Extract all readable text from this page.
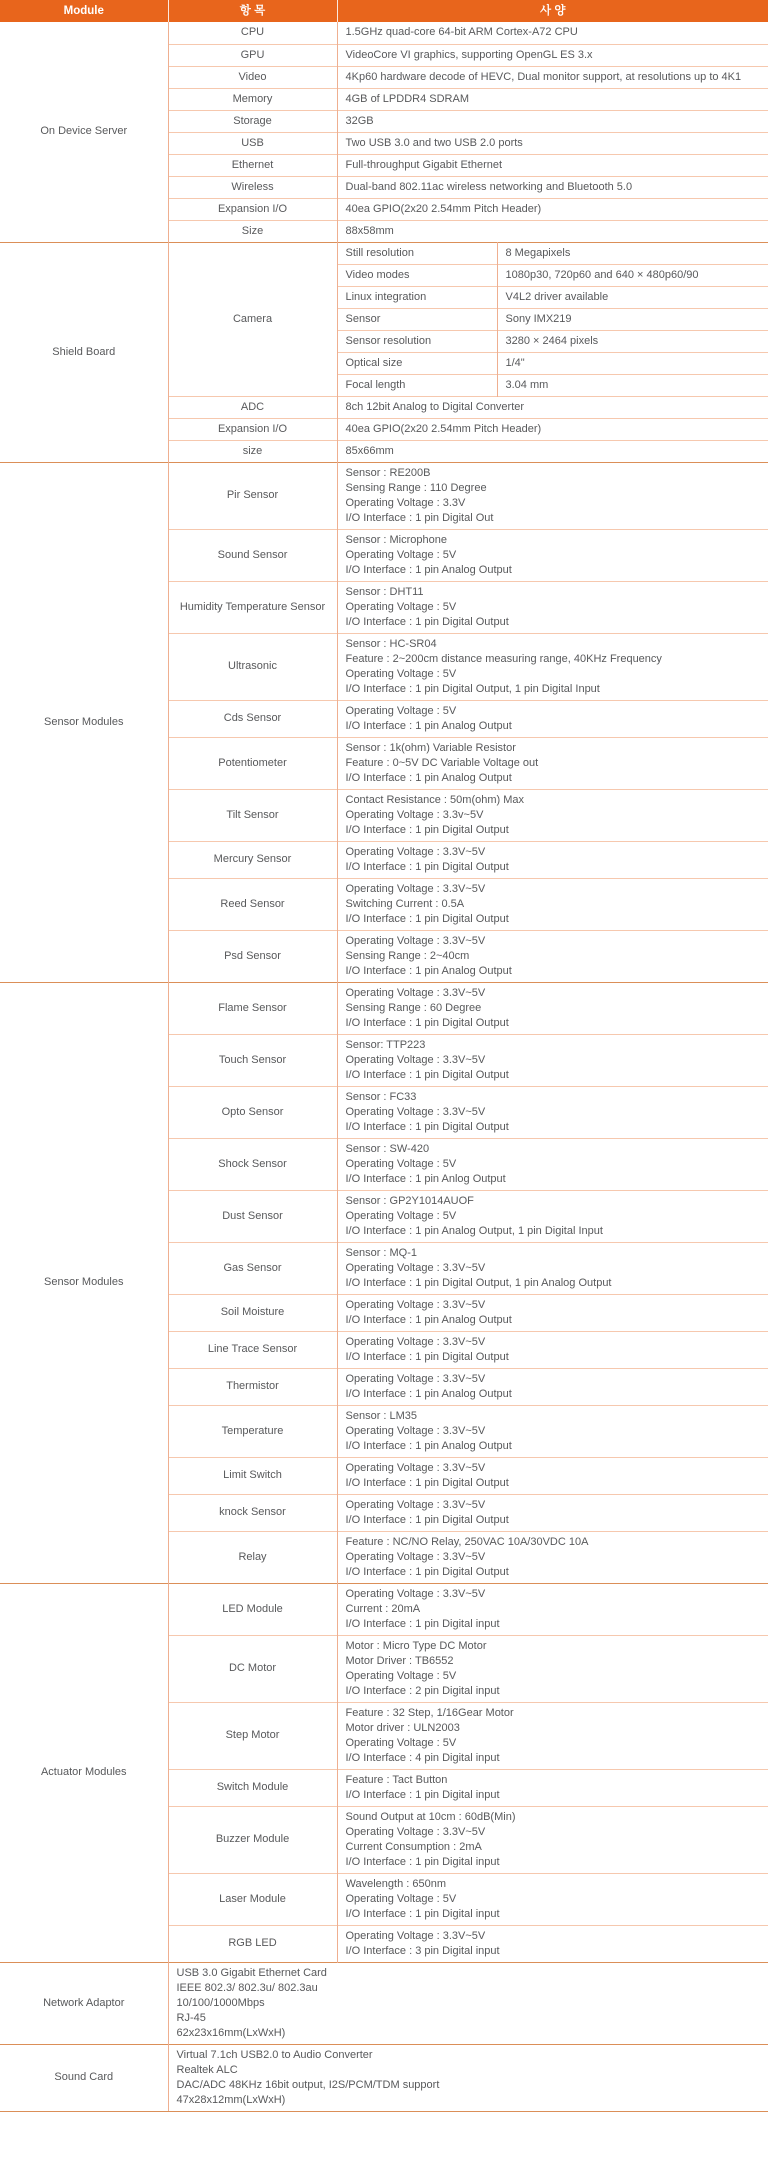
Module	항 목	사 양	
On Device Server	CPU	1.5GHz quad-core 64-bit ARM Cortex-A72 CPU	

	GPU	VideoCore VI graphics, supporting OpenGL ES 3.x	

	Video	4Kp60 hardware decode of HEVC, Dual monitor support, at resolutions up to 4K1	

	Memory	4GB of LPDDR4 SDRAM	

	Storage	32GB	

	USB	Two USB 3.0 and two USB 2.0 ports	

	Ethernet	Full-throughput Gigabit Ethernet	

	Wireless	Dual-band 802.11ac wireless networking and Bluetooth 5.0	

	Expansion I/O	40ea GPIO(2x20 2.54mm Pitch Header)	

	Size	88x58mm	

Shield Board	Camera	Still resolution	8 Megapixels
		Video modes	1080p30, 720p60 and 640 × 480p60/90
		Linux integration	V4L2 driver available
		Sensor	Sony IMX219
		Sensor resolution	3280 × 2464 pixels
		Optical size	1/4"
		Focal length	3.04 mm
	ADC	8ch 12bit Analog to Digital Converter	

	Expansion I/O	40ea GPIO(2x20 2.54mm Pitch Header)	

	size	85x66mm	

Sensor Modules	Pir Sensor	Sensor : RE200B
Sensing Range : 110 Degree
Operating Voltage : 3.3V
I/O Interface : 1 pin Digital Out	

	Sound Sensor	Sensor : Microphone
Operating Voltage : 5V
I/O Interface : 1 pin Analog Output	

	Humidity Temperature Sensor	Sensor : DHT11
Operating Voltage : 5V
I/O Interface : 1 pin Digital Output	

	Ultrasonic	Sensor : HC-SR04
Feature : 2~200cm distance measuring range, 40KHz Frequency
Operating Voltage : 5V
I/O Interface : 1 pin Digital Output, 1 pin Digital Input	

	Cds Sensor	Operating Voltage : 5V
I/O Interface : 1 pin Analog Output	

	Potentiometer	Sensor : 1k(ohm) Variable Resistor
Feature : 0~5V DC Variable Voltage out
I/O Interface : 1 pin Analog Output	

	Tilt Sensor	Contact Resistance : 50m(ohm) Max
Operating Voltage : 3.3v~5V
I/O Interface : 1 pin Digital Output	

	Mercury Sensor	Operating Voltage : 3.3V~5V
I/O Interface : 1 pin Digital Output	

	Reed Sensor	Operating Voltage : 3.3V~5V
Switching Current : 0.5A
I/O Interface : 1 pin Digital Output	

	Psd Sensor	Operating Voltage : 3.3V~5V
Sensing Range : 2~40cm
I/O Interface : 1 pin Analog Output	

Sensor Modules	Flame Sensor	Operating Voltage : 3.3V~5V
Sensing Range : 60 Degree
I/O Interface : 1 pin Digital Output	

	Touch Sensor	Sensor: TTP223
Operating Voltage : 3.3V~5V
I/O Interface : 1 pin Digital Output	

	Opto Sensor	Sensor : FC33
Operating Voltage : 3.3V~5V
I/O Interface : 1 pin Digital Output	

	Shock Sensor	Sensor : SW-420
Operating Voltage : 5V
I/O Interface : 1 pin Anlog Output	

	Dust Sensor	Sensor : GP2Y1014AUOF
Operating Voltage : 5V
I/O Interface : 1 pin Analog Output, 1 pin Digital Input	

	Gas Sensor	Sensor : MQ-1
Operating Voltage : 3.3V~5V
I/O Interface : 1 pin Digital Output, 1 pin Analog Output	

	Soil Moisture	Operating Voltage : 3.3V~5V
I/O Interface : 1 pin Analog Output	

	Line Trace Sensor	Operating Voltage : 3.3V~5V
I/O Interface : 1 pin Digital Output	

	Thermistor	Operating Voltage : 3.3V~5V
I/O Interface : 1 pin Analog Output	

	Temperature	Sensor : LM35
Operating Voltage : 3.3V~5V
I/O Interface : 1 pin Analog Output	

	Limit Switch	Operating Voltage : 3.3V~5V
I/O Interface : 1 pin Digital Output	

	knock Sensor	Operating Voltage : 3.3V~5V
I/O Interface : 1 pin Digital Output	

	Relay	Feature : NC/NO Relay, 250VAC 10A/30VDC 10A
Operating Voltage : 3.3V~5V
I/O Interface : 1 pin Digital Output	

Actuator Modules	LED Module	Operating Voltage : 3.3V~5V
Current : 20mA
I/O Interface : 1 pin Digital input	

	DC Motor	Motor : Micro Type DC Motor
Motor Driver : TB6552
Operating Voltage : 5V
I/O Interface : 2 pin Digital input	

	Step Motor	Feature : 32 Step, 1/16Gear Motor
Motor driver : ULN2003
Operating Voltage : 5V
I/O Interface : 4 pin Digital input	

	Switch Module	Feature : Tact Button
I/O Interface : 1 pin Digital input	

	Buzzer Module	Sound Output at 10cm : 60dB(Min)
Operating Voltage : 3.3V~5V
Current Consumption : 2mA
I/O Interface : 1 pin Digital input	

	Laser Module	Wavelength : 650nm
Operating Voltage : 5V
I/O Interface : 1 pin Digital input	

	RGB LED	Operating Voltage : 3.3V~5V
I/O Interface : 3 pin Digital input	

Network Adaptor	USB 3.0 Gigabit Ethernet Card
IEEE 802.3/ 802.3u/ 802.3au
10/100/1000Mbps
RJ-45
62x23x16mm(LxWxH)		

Sound Card	Virtual 7.1ch USB2.0 to Audio Converter
Realtek ALC
DAC/ADC 48KHz 16bit output, I2S/PCM/TDM support
47x28x12mm(LxWxH)		
